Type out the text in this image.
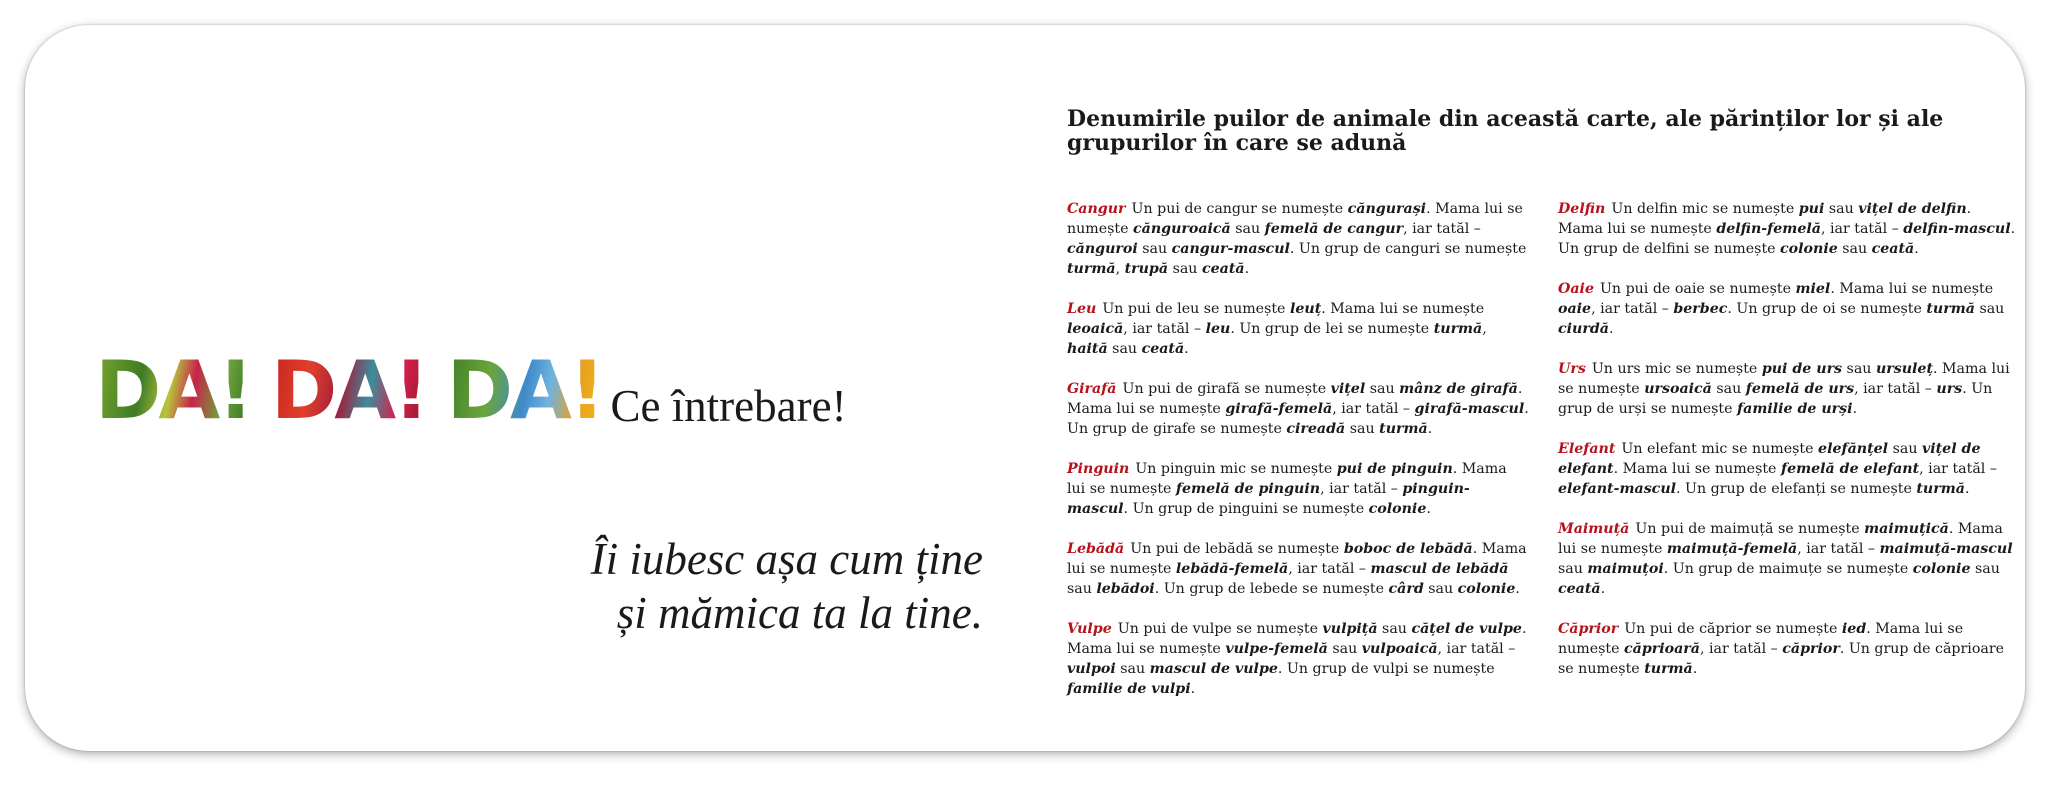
DA! DA! DA! Ce întrebare!
Îi iubesc așa cum ține
și mămica ta la tine.
Denumirile puilor de animale din această carte, ale părinților lor și ale grupurilor în care se adună

Cangur Un pui de cangur se numește căngurași. Mama lui se numește cănguroaică sau femelă de cangur, iar tatăl – cănguroi sau cangur-mascul. Un grup de canguri se numește turmă, trupă sau ceată.

Leu Un pui de leu se numește leuț. Mama lui se numește leoaică, iar tatăl – leu. Un grup de lei se numește turmă, haită sau ceată.

Girafă Un pui de girafă se numește vițel sau mânz de girafă. Mama lui se numește girafă-femelă, iar tatăl – girafă-mascul. Un grup de girafe se numește cireadă sau turmă.

Pinguin Un pinguin mic se numește pui de pinguin. Mama lui se numește femelă de pinguin, iar tatăl – pinguin-mascul. Un grup de pinguini se numește colonie.

Lebădă Un pui de lebădă se numește boboc de lebădă. Mama lui se numește lebădă-femelă, iar tatăl – mascul de lebădă sau lebădoi. Un grup de lebede se numește cârd sau colonie.

Vulpe Un pui de vulpe se numește vulpiță sau cățel de vulpe. Mama lui se numește vulpe-femelă sau vulpoaică, iar tatăl – vulpoi sau mascul de vulpe. Un grup de vulpi se numește familie de vulpi.

Delfin Un delfin mic se numește pui sau vițel de delfin. Mama lui se numește delfin-femelă, iar tatăl – delfin-mascul. Un grup de delfini se numește colonie sau ceată.

Oaie Un pui de oaie se numește miel. Mama lui se numește oaie, iar tatăl – berbec. Un grup de oi se numește turmă sau ciurdă.

Urs Un urs mic se numește pui de urs sau ursuleț. Mama lui se numește ursoaică sau femelă de urs, iar tatăl – urs. Un grup de urși se numește familie de urși.

Elefant Un elefant mic se numește elefănțel sau vițel de elefant. Mama lui se numește femelă de elefant, iar tatăl – elefant-mascul. Un grup de elefanți se numește turmă.

Maimuță Un pui de maimuță se numește maimuțică. Mama lui se numește maimuță-femelă, iar tatăl – maimuță-mascul sau maimuțoi. Un grup de maimuțe se numește colonie sau ceată.

Căprior Un pui de căprior se numește ied. Mama lui se numește căprioară, iar tatăl – căprior. Un grup de căprioare se numește turmă.
